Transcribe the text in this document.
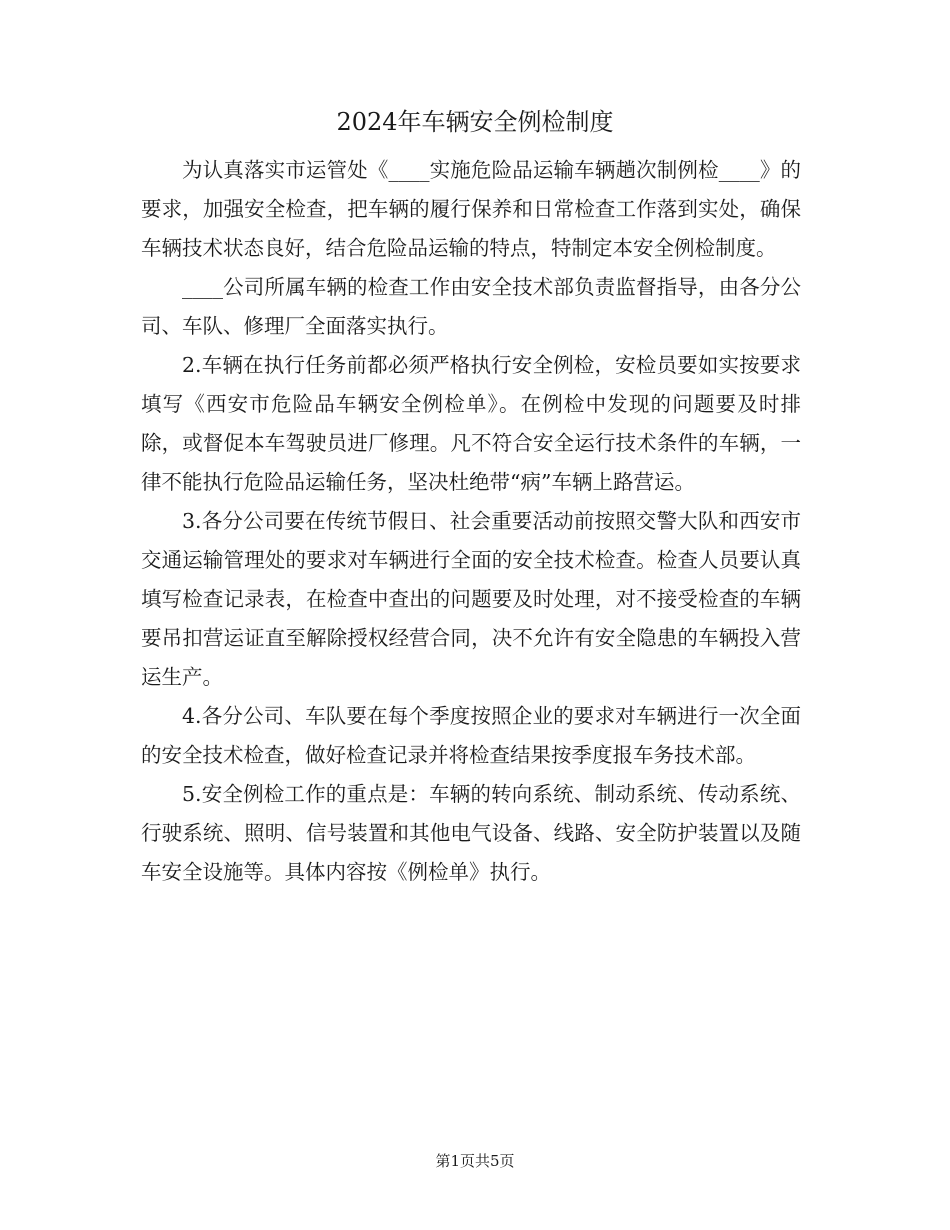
2024年车辆安全例检制度

为认真落实市运管处《____实施危险品运输车辆趟次制例检____》的要求，加强安全检查，把车辆的履行保养和日常检查工作落到实处，确保车辆技术状态良好，结合危险品运输的特点，特制定本安全例检制度。

____公司所属车辆的检查工作由安全技术部负责监督指导，由各分公司、车队、修理厂全面落实执行。

2.车辆在执行任务前都必须严格执行安全例检，安检员要如实按要求填写《西安市危险品车辆安全例检单》。在例检中发现的问题要及时排除，或督促本车驾驶员进厂修理。凡不符合安全运行技术条件的车辆，一律不能执行危险品运输任务，坚决杜绝带“病”车辆上路营运。

3.各分公司要在传统节假日、社会重要活动前按照交警大队和西安市交通运输管理处的要求对车辆进行全面的安全技术检查。检查人员要认真填写检查记录表，在检查中查出的问题要及时处理，对不接受检查的车辆要吊扣营运证直至解除授权经营合同，决不允许有安全隐患的车辆投入营运生产。

4.各分公司、车队要在每个季度按照企业的要求对车辆进行一次全面的安全技术检查，做好检查记录并将检查结果按季度报车务技术部。

5.安全例检工作的重点是：车辆的转向系统、制动系统、传动系统、行驶系统、照明、信号装置和其他电气设备、线路、安全防护装置以及随车安全设施等。具体内容按《例检单》执行。

第1页共5页
